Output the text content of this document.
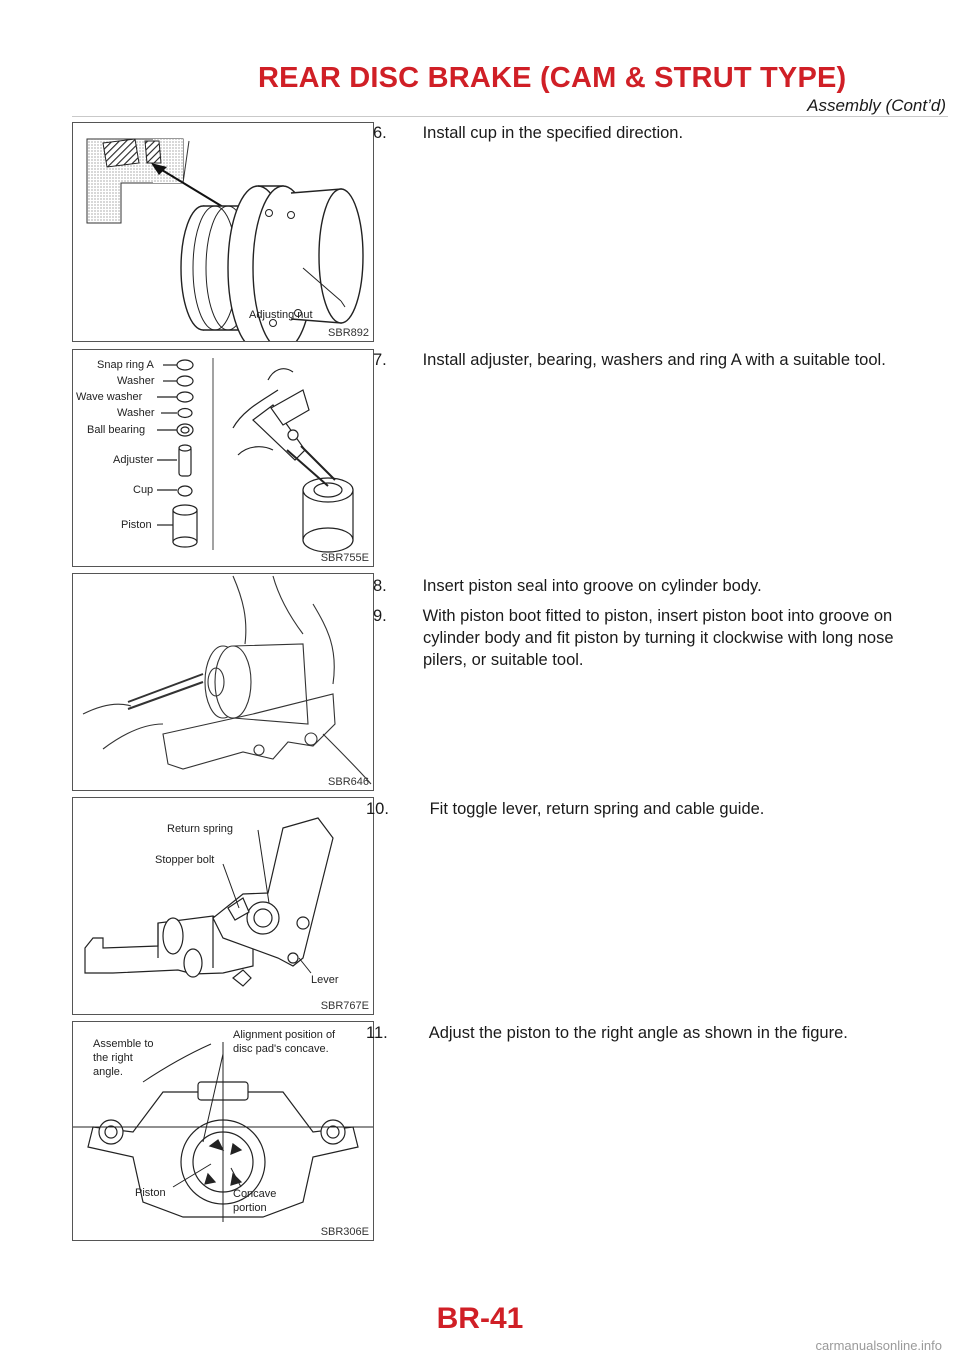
REAR DISC BRAKE (CAM & STRUT TYPE)
Assembly (Cont’d)
Adjusting nut
SBR892
Snap ring A
Washer
Wave washer
Washer
Ball bearing
Adjuster
Cup
Piston
SBR755E
SBR646
Return spring
Stopper bolt
Lever
SBR767E
Alignment position of
disc pad's concave.
Assemble to
the right
angle.
Piston	Concave
portion
SBR306E
6. Install cup in the specified direction.
7. Install adjuster, bearing, washers and ring A with a suitable tool.
8. Insert piston seal into groove on cylinder body.
9. With piston boot fitted to piston, insert piston boot into groove on cylinder body and fit piston by turning it clockwise with long nose pilers, or suitable tool.
10. Fit toggle lever, return spring and cable guide.
11. Adjust the piston to the right angle as shown in the figure.
BR-41
carmanualsonline.info
